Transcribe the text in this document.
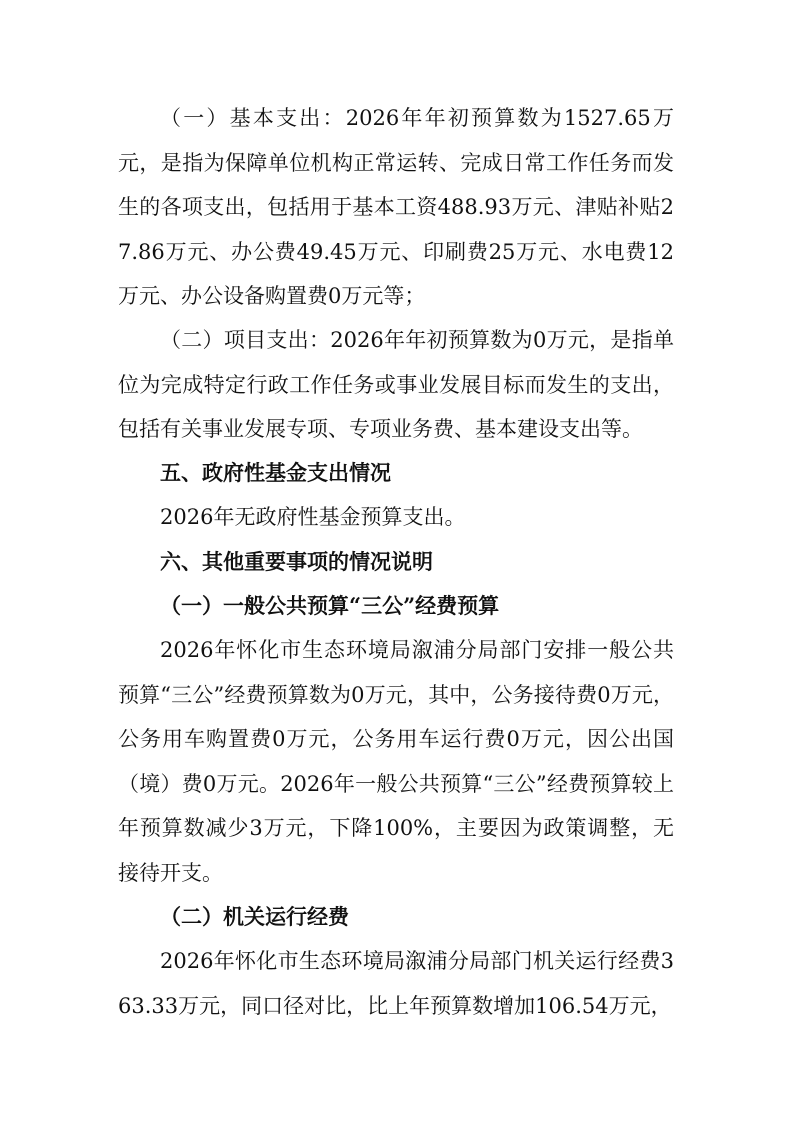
（一）基本支出：2026年年初预算数为1527.65万元，是指为保障单位机构正常运转、完成日常工作任务而发生的各项支出，包括用于基本工资488.93万元、津贴补贴27.86万元、办公费49.45万元、印刷费25万元、水电费12万元、办公设备购置费0万元等；

（二）项目支出：2026年年初预算数为0万元，是指单位为完成特定行政工作任务或事业发展目标而发生的支出，包括有关事业发展专项、专项业务费、基本建设支出等。

五、政府性基金支出情况

2026年无政府性基金预算支出。

六、其他重要事项的情况说明

（一）一般公共预算“三公”经费预算

2026年怀化市生态环境局溆浦分局部门安排一般公共预算“三公”经费预算数为0万元，其中，公务接待费0万元，公务用车购置费0万元，公务用车运行费0万元，因公出国（境）费0万元。2026年一般公共预算“三公”经费预算较上年预算数减少3万元，下降100%，主要因为政策调整，无接待开支。

（二）机关运行经费

2026年怀化市生态环境局溆浦分局部门机关运行经费363.33万元，同口径对比，比上年预算数增加106.54万元，
